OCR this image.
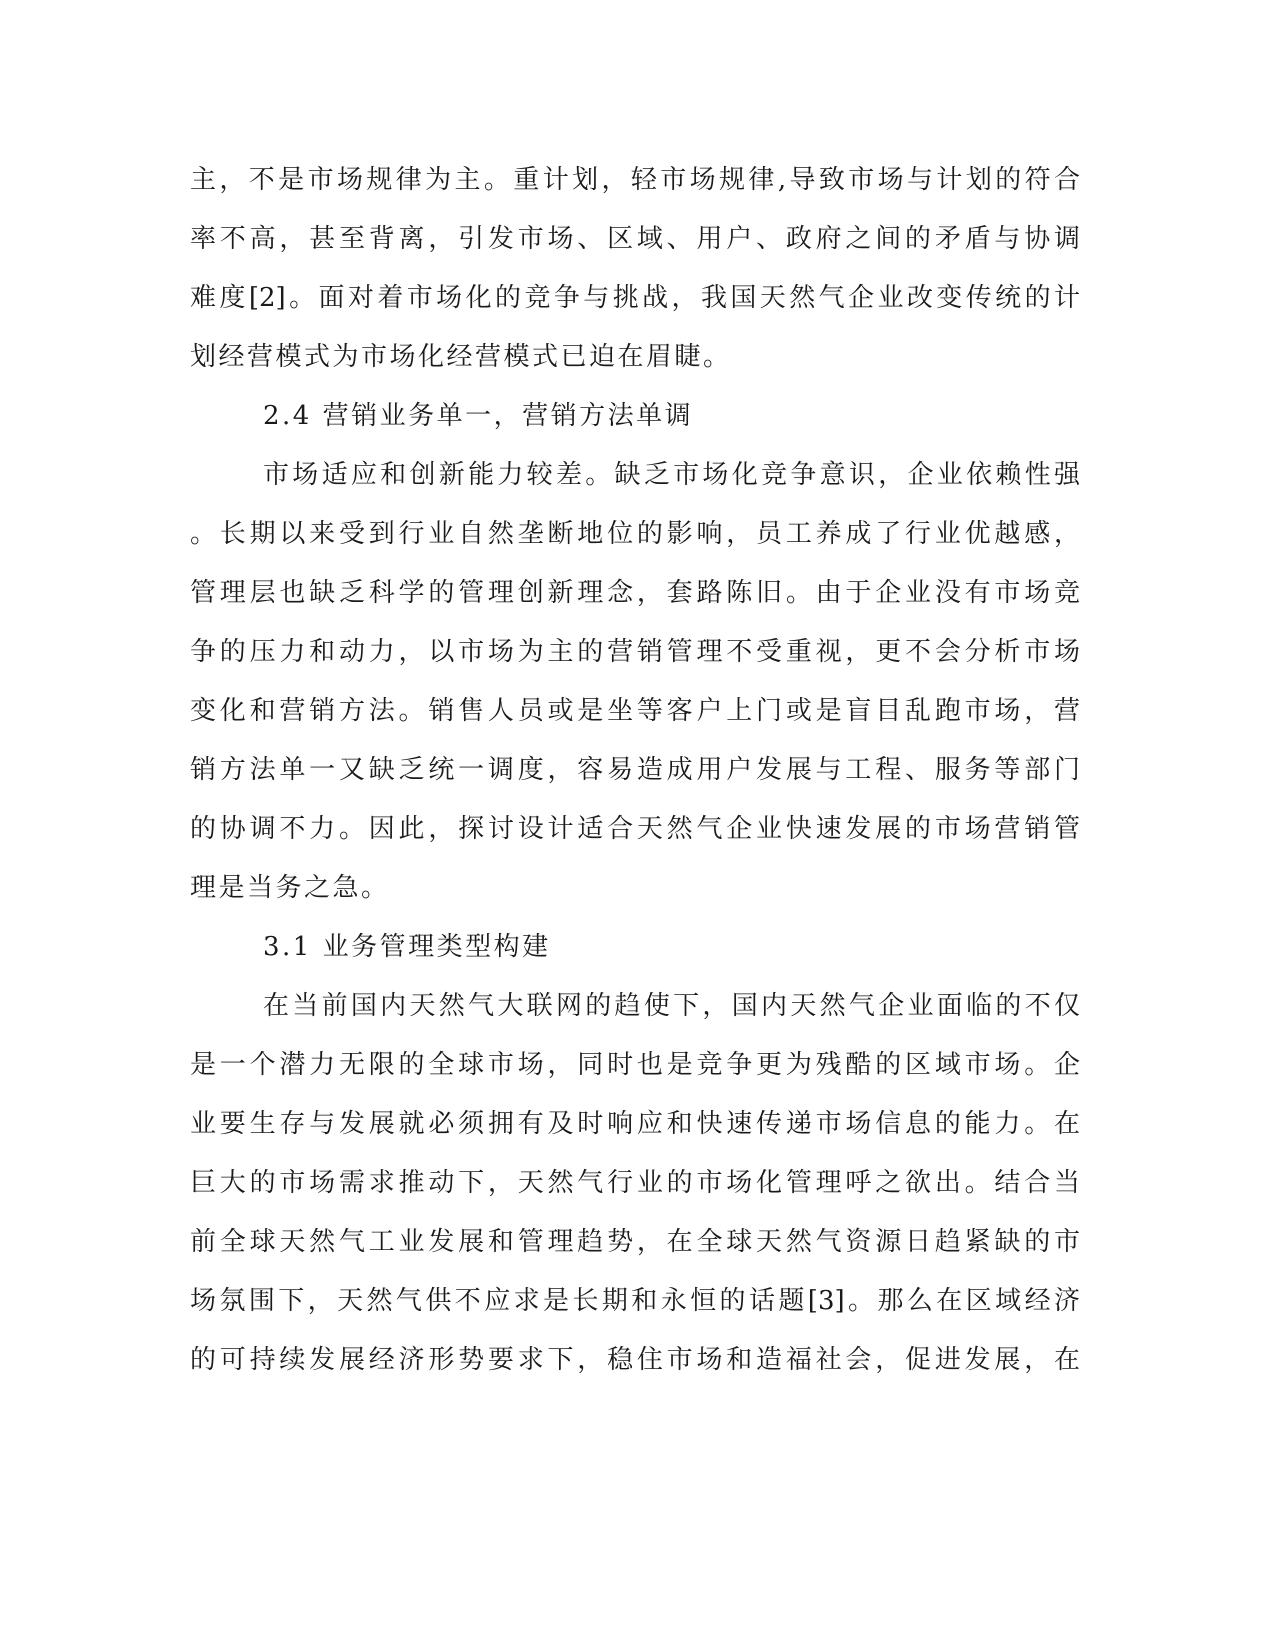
主，不是市场规律为主。重计划，轻市场规律,导致市场与计划的符合
率不高，甚至背离，引发市场、区域、用户、政府之间的矛盾与协调
难度[2]。面对着市场化的竞争与挑战，我国天然气企业改变传统的计
划经营模式为市场化经营模式已迫在眉睫。
2.4 营销业务单一，营销方法单调
市场适应和创新能力较差。缺乏市场化竞争意识，企业依赖性强
。长期以来受到行业自然垄断地位的影响，员工养成了行业优越感，
管理层也缺乏科学的管理创新理念，套路陈旧。由于企业没有市场竞
争的压力和动力，以市场为主的营销管理不受重视，更不会分析市场
变化和营销方法。销售人员或是坐等客户上门或是盲目乱跑市场，营
销方法单一又缺乏统一调度，容易造成用户发展与工程、服务等部门
的协调不力。因此，探讨设计适合天然气企业快速发展的市场营销管
理是当务之急。
3.1 业务管理类型构建
在当前国内天然气大联网的趋使下，国内天然气企业面临的不仅
是一个潜力无限的全球市场，同时也是竞争更为残酷的区域市场。企
业要生存与发展就必须拥有及时响应和快速传递市场信息的能力。在
巨大的市场需求推动下，天然气行业的市场化管理呼之欲出。结合当
前全球天然气工业发展和管理趋势，在全球天然气资源日趋紧缺的市
场氛围下，天然气供不应求是长期和永恒的话题[3]。那么在区域经济
的可持续发展经济形势要求下，稳住市场和造福社会，促进发展，在
